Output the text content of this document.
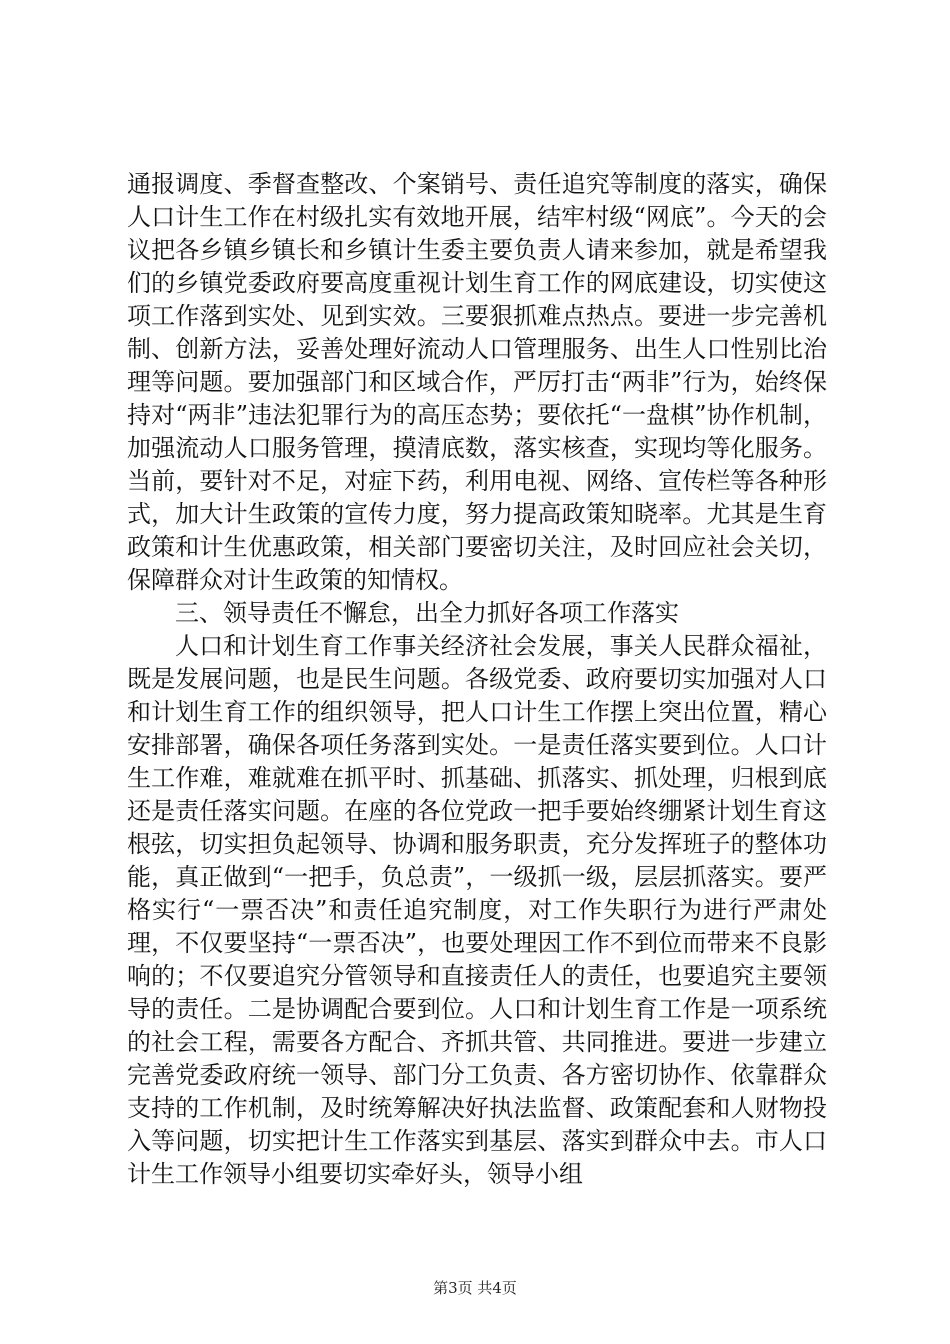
通报调度、季督查整改、个案销号、责任追究等制度的落实，确保人口计生工作在村级扎实有效地开展，结牢村级“网底”。今天的会议把各乡镇乡镇长和乡镇计生委主要负责人请来参加，就是希望我们的乡镇党委政府要高度重视计划生育工作的网底建设，切实使这项工作落到实处、见到实效。三要狠抓难点热点。要进一步完善机制、创新方法，妥善处理好流动人口管理服务、出生人口性别比治理等问题。要加强部门和区域合作，严厉打击“两非”行为，始终保持对“两非”违法犯罪行为的高压态势；要依托“一盘棋”协作机制，加强流动人口服务管理，摸清底数，落实核查，实现均等化服务。当前，要针对不足，对症下药，利用电视、网络、宣传栏等各种形式，加大计生政策的宣传力度，努力提高政策知晓率。尤其是生育政策和计生优惠政策，相关部门要密切关注，及时回应社会关切，保障群众对计生政策的知情权。

三、领导责任不懈怠，出全力抓好各项工作落实

人口和计划生育工作事关经济社会发展，事关人民群众福祉，既是发展问题，也是民生问题。各级党委、政府要切实加强对人口和计划生育工作的组织领导，把人口计生工作摆上突出位置，精心安排部署，确保各项任务落到实处。一是责任落实要到位。人口计生工作难，难就难在抓平时、抓基础、抓落实、抓处理，归根到底还是责任落实问题。在座的各位党政一把手要始终绷紧计划生育这根弦，切实担负起领导、协调和服务职责，充分发挥班子的整体功能，真正做到“一把手，负总责”，一级抓一级，层层抓落实。要严格实行“一票否决”和责任追究制度，对工作失职行为进行严肃处理，不仅要坚持“一票否决”，也要处理因工作不到位而带来不良影响的；不仅要追究分管领导和直接责任人的责任，也要追究主要领导的责任。二是协调配合要到位。人口和计划生育工作是一项系统的社会工程，需要各方配合、齐抓共管、共同推进。要进一步建立完善党委政府统一领导、部门分工负责、各方密切协作、依靠群众支持的工作机制，及时统筹解决好执法监督、政策配套和人财物投入等问题，切实把计生工作落实到基层、落实到群众中去。市人口计生工作领导小组要切实牵好头，领导小组

第3页 共4页
